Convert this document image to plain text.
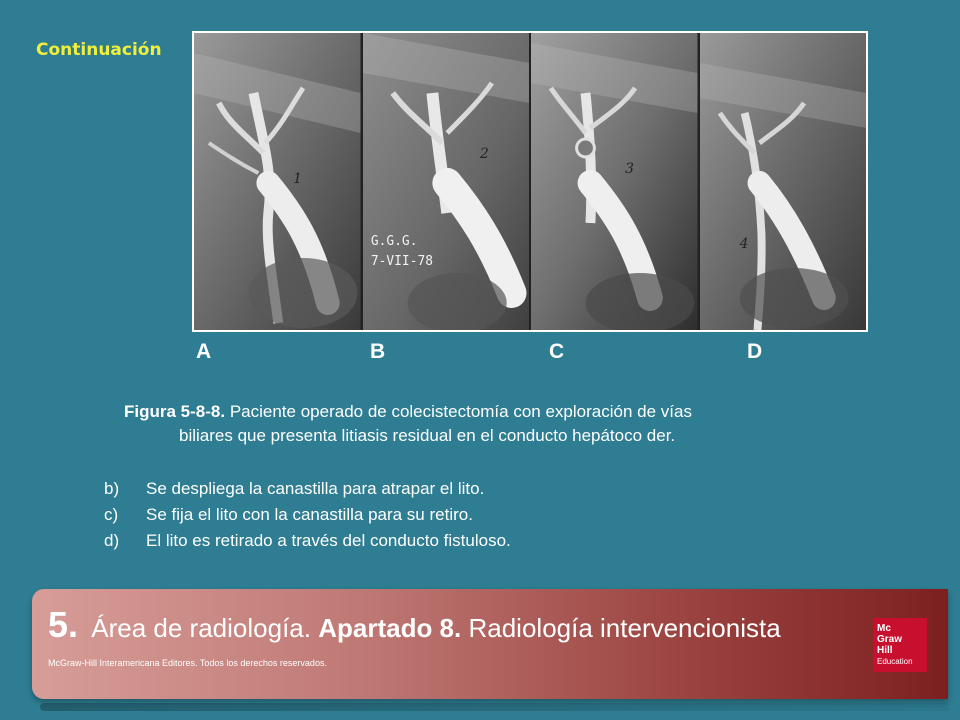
Continuación
1
2
G.G.G.
7-VII-78
3
4
A	B	C	D
Figura 5-8-8. Paciente operado de colecistectomía con exploración de vías
biliares que presenta litiasis residual en el conducto hepátoco der.
b)	Se despliega la canastilla para atrapar el lito.
c)	Se fija el lito con la canastilla para su retiro.
d)	El lito es retirado a través del conducto fistuloso.
5. Área de radiología. Apartado 8. Radiología intervencionista
McGraw-Hill Interamericana Editores. Todos los derechos reservados.
Mc
Graw
Hill
Education
